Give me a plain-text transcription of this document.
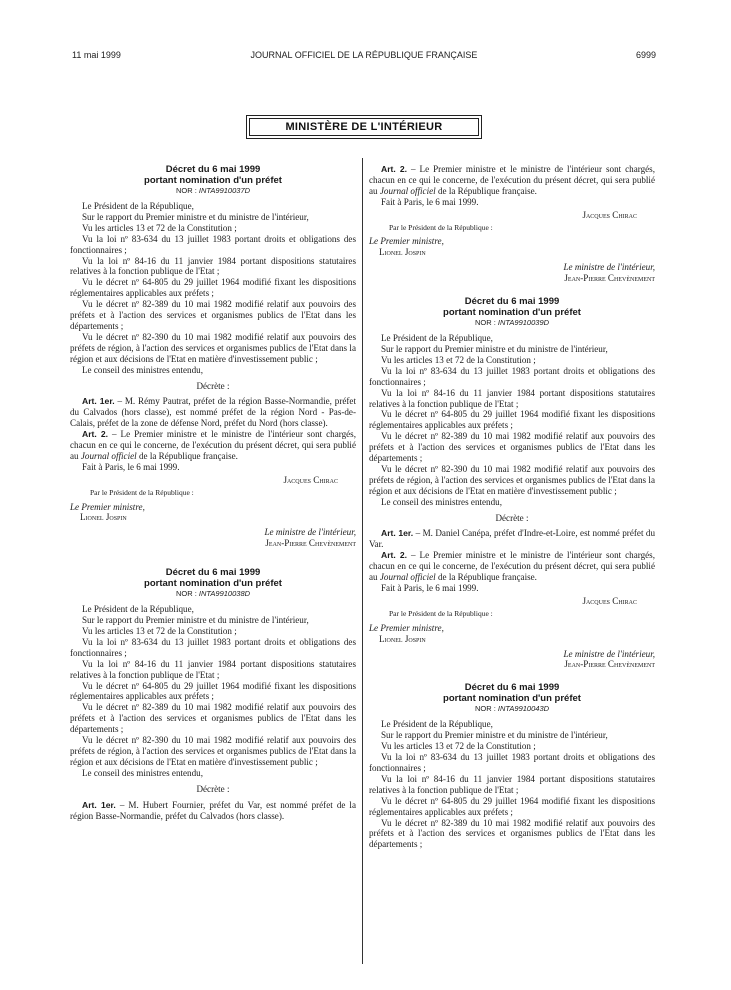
11 mai 1999	JOURNAL OFFICIEL DE LA RÉPUBLIQUE FRANÇAISE	6999
MINISTÈRE DE L'INTÉRIEUR

Décret du 6 mai 1999

portant nomination d'un préfet

NOR : INTA9910037D

Le Président de la République,

Sur le rapport du Premier ministre et du ministre de l'intérieur,

Vu les articles 13 et 72 de la Constitution ;

Vu la loi nº 83-634 du 13 juillet 1983 portant droits et obligations des fonctionnaires ;

Vu la loi nº 84-16 du 11 janvier 1984 portant dispositions statutaires relatives à la fonction publique de l'Etat ;

Vu le décret nº 64-805 du 29 juillet 1964 modifié fixant les dispositions réglementaires applicables aux préfets ;

Vu le décret nº 82-389 du 10 mai 1982 modifié relatif aux pouvoirs des préfets et à l'action des services et organismes publics de l'Etat dans les départements ;

Vu le décret nº 82-390 du 10 mai 1982 modifié relatif aux pouvoirs des préfets de région, à l'action des services et organismes publics de l'Etat dans la région et aux décisions de l'Etat en matière d'investissement public ;

Le conseil des ministres entendu,

Décrète :

Art. 1er. – M. Rémy Pautrat, préfet de la région Basse-Normandie, préfet du Calvados (hors classe), est nommé préfet de la région Nord - Pas-de-Calais, préfet de la zone de défense Nord, préfet du Nord (hors classe).

Art. 2. – Le Premier ministre et le ministre de l'intérieur sont chargés, chacun en ce qui le concerne, de l'exécution du présent décret, qui sera publié au Journal officiel de la République française.

Fait à Paris, le 6 mai 1999.

Jacques Chirac

Par le Président de la République :

Le Premier ministre,

Lionel Jospin

Le ministre de l'intérieur,

Jean-Pierre Chevènement

Décret du 6 mai 1999

portant nomination d'un préfet

NOR : INTA9910038D

Le Président de la République,

Sur le rapport du Premier ministre et du ministre de l'intérieur,

Vu les articles 13 et 72 de la Constitution ;

Vu la loi nº 83-634 du 13 juillet 1983 portant droits et obligations des fonctionnaires ;

Vu la loi nº 84-16 du 11 janvier 1984 portant dispositions statutaires relatives à la fonction publique de l'Etat ;

Vu le décret nº 64-805 du 29 juillet 1964 modifié fixant les dispositions réglementaires applicables aux préfets ;

Vu le décret nº 82-389 du 10 mai 1982 modifié relatif aux pouvoirs des préfets et à l'action des services et organismes publics de l'Etat dans les départements ;

Vu le décret nº 82-390 du 10 mai 1982 modifié relatif aux pouvoirs des préfets de région, à l'action des services et organismes publics de l'Etat dans la région et aux décisions de l'Etat en matière d'investissement public ;

Le conseil des ministres entendu,

Décrète :

Art. 1er. – M. Hubert Fournier, préfet du Var, est nommé préfet de la région Basse-Normandie, préfet du Calvados (hors classe).

Art. 2. – Le Premier ministre et le ministre de l'intérieur sont chargés, chacun en ce qui le concerne, de l'exécution du présent décret, qui sera publié au Journal officiel de la République française.

Fait à Paris, le 6 mai 1999.

Jacques Chirac

Par le Président de la République :

Le Premier ministre,

Lionel Jospin

Le ministre de l'intérieur,

Jean-Pierre Chevènement

Décret du 6 mai 1999

portant nomination d'un préfet

NOR : INTA9910039D

Le Président de la République,

Sur le rapport du Premier ministre et du ministre de l'intérieur,

Vu les articles 13 et 72 de la Constitution ;

Vu la loi nº 83-634 du 13 juillet 1983 portant droits et obligations des fonctionnaires ;

Vu la loi nº 84-16 du 11 janvier 1984 portant dispositions statutaires relatives à la fonction publique de l'Etat ;

Vu le décret nº 64-805 du 29 juillet 1964 modifié fixant les dispositions réglementaires applicables aux préfets ;

Vu le décret nº 82-389 du 10 mai 1982 modifié relatif aux pouvoirs des préfets et à l'action des services et organismes publics de l'Etat dans les départements ;

Vu le décret nº 82-390 du 10 mai 1982 modifié relatif aux pouvoirs des préfets de région, à l'action des services et organismes publics de l'Etat dans la région et aux décisions de l'Etat en matière d'investissement public ;

Le conseil des ministres entendu,

Décrète :

Art. 1er. – M. Daniel Canépa, préfet d'Indre-et-Loire, est nommé préfet du Var.

Art. 2. – Le Premier ministre et le ministre de l'intérieur sont chargés, chacun en ce qui le concerne, de l'exécution du présent décret, qui sera publié au Journal officiel de la République française.

Fait à Paris, le 6 mai 1999.

Jacques Chirac

Par le Président de la République :

Le Premier ministre,

Lionel Jospin

Le ministre de l'intérieur,

Jean-Pierre Chevènement

Décret du 6 mai 1999

portant nomination d'un préfet

NOR : INTA9910043D

Le Président de la République,

Sur le rapport du Premier ministre et du ministre de l'intérieur,

Vu les articles 13 et 72 de la Constitution ;

Vu la loi nº 83-634 du 13 juillet 1983 portant droits et obligations des fonctionnaires ;

Vu la loi nº 84-16 du 11 janvier 1984 portant dispositions statutaires relatives à la fonction publique de l'Etat ;

Vu le décret nº 64-805 du 29 juillet 1964 modifié fixant les dispositions réglementaires applicables aux préfets ;

Vu le décret nº 82-389 du 10 mai 1982 modifié relatif aux pouvoirs des préfets et à l'action des services et organismes publics de l'Etat dans les départements ;
